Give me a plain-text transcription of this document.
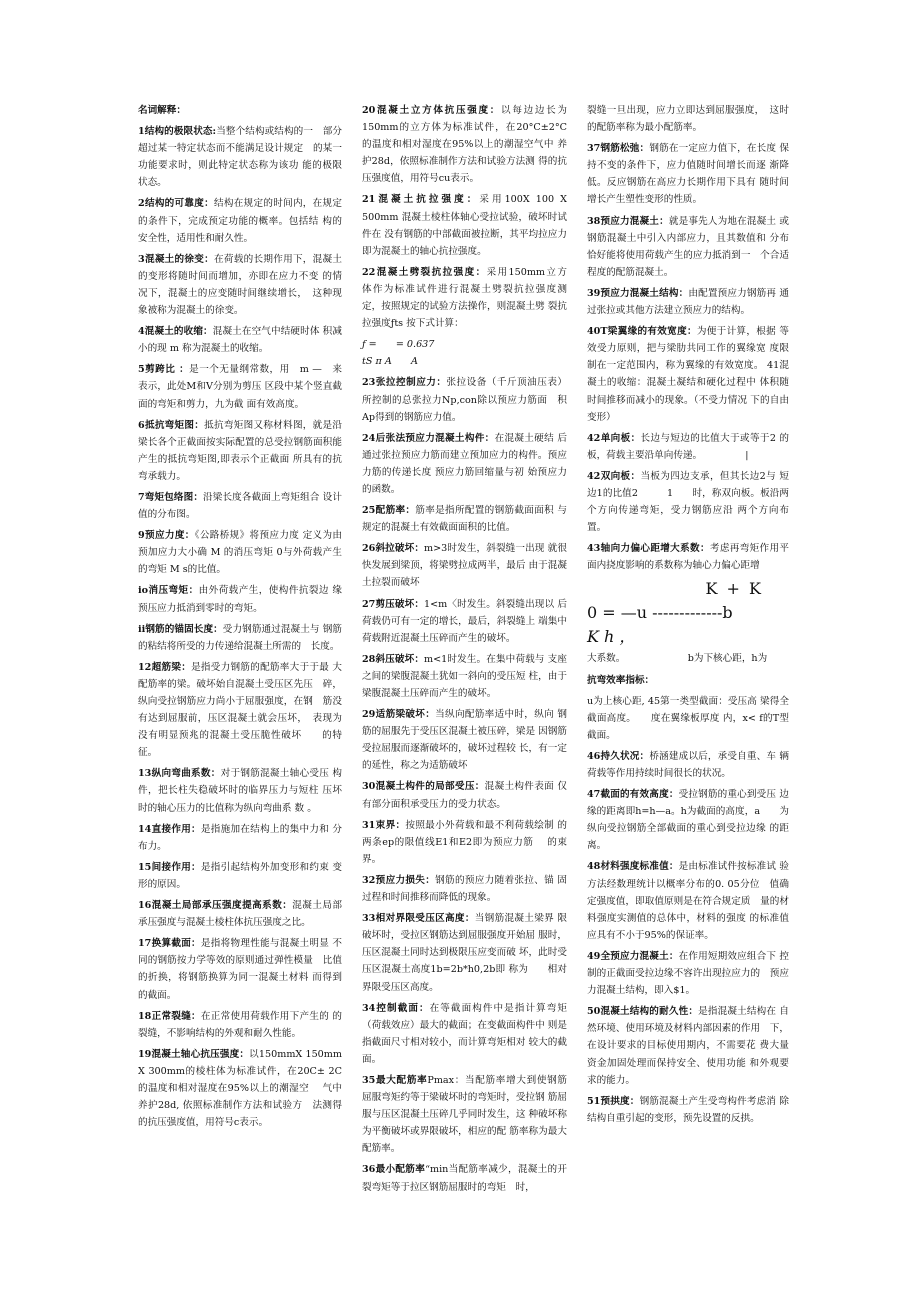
名词解释：
1结构的极限状态:当整个结构或结构的一　部分超过某一特定状态而不能满足设计规定　的某一功能要求时，则此特定状态称为该功 能的极限状态。
2结构的可靠度：结构在规定的时间内，在规定的条件下，完成预定功能的概率。包括结 构的安全性，适用性和耐久性。
3混凝土的徐变：在荷载的长期作用下，混凝土的变形将随时间而增加，亦即在应力不变 的情况下，混凝土的应变随时间继续增长，　这种现象被称为混凝土的徐变。
4混凝土的收缩：混凝土在空气中结硬时体 积减小的现 m 称为混凝土的收缩。
5剪跨比 ：是一个无量纲常数，用　m —　来表示，此处M和V分别为剪压 区段中某个竖直截面的弯矩和剪力，九为截 面有效高度。
6抵抗弯矩图：抵抗弯矩图又称材料图，就是沿梁长各个正截面按实际配置的总受拉钢筋面积能产生的抵抗弯矩图,即表示个正截面 所具有的抗弯承载力。
7弯矩包络图：沿梁长度各截面上弯矩组合 设计值的分布图。
9预应力度：《公路桥规》将预应力度 定义为由预加应力大小确 M 的消压弯矩 0与外荷载产生的弯矩 M s的比值。
io消压弯矩：由外荷载产生，使构件抗裂边 缘预压应力抵消到零时的弯矩。
ii钢筋的锚固长度：受力钢筋通过混凝土与 钢筋的粘结将所受的力传递给混凝土所需的　长度。
12超筋梁：是指受力钢筋的配筋率大于于最 大配筋率的梁。破坏始自混凝土受压区先压　碎，纵向受拉钢筋应力尚小于屈服强度，在钢　筋没有达到屈服前，压区混凝土就会压坏，　表现为没有明显预兆的混凝土受压脆性破坏　　的特征。
13纵向弯曲系数：对于钢筋混凝土轴心受压 构件，把长柱失稳破坏时的临界压力与短柱 压坏时的轴心压力的比值称为纵向弯曲系 数 。
14直接作用：是指施加在结构上的集中力和 分布力。
15间接作用：是指引起结构外加变形和约束 变形的原因。
16混凝土局部承压强度提高系数：混凝土局部承压强度与混凝土棱柱体抗压强度之比。
17换算截面：是指将物理性能与混凝土明显 不同的钢筋按力学等效的原则通过弹性模量　比值的折换，将钢筋换算为同一混凝土材料 而得到的截面。
18正常裂缝：在正常使用荷载作用下产生的 的裂缝，不影响结构的外观和耐久性能。
19混凝土轴心抗压强度：以150mmX 150mm X 300mm的棱柱体为标准试件，在20C± 2C的温度和相对湿度在95%以上的潮湿空　 气中养护28d, 依照标准制作方法和试验方　法测得的抗压强度值，用符号c表示。
20混凝土立方体抗压强度：以每边边长为150mm的立方体为标准试件，在20°C±2°C 的温度和相对湿度在95%以上的潮湿空气中 养护28d，依照标准制作方法和试验方法测 得的抗压强度值，用符号cu表示。
21混凝土抗拉强度：采用100X 100 X 500mm 混凝土棱柱体轴心受拉试验，破坏时试件在 没有钢筋的中部截面被拉断，其平均拉应力 即为混凝土的轴心抗拉强度。
22混凝土劈裂抗拉强度：采用150mm立方　 体作为标准试件进行混凝土劈裂抗拉强度测　定，按照规定的试验方法操作，则混凝土劈 裂抗拉强度ƒts 按下式计算：
ƒ =　　= 0.637
tS π A　　A
23张拉控制应力：张拉设备（千斤顶油压表）所控制的总张拉力Np,con除以预应力筋面　积Ap得到的钢筋应力值。
24后张法预应力混凝土构件：在混凝土硬结 后通过张拉预应力筋而建立预加应力的构件。预应力筋的传递长度 预应力筋回缩量与初 始预应力的函数。
25配筋率：筋率是指所配置的钢筋截面面积 与规定的混凝土有效截面面积的比值。
26斜拉破坏：m>3时发生，斜裂缝一出现 就很快发展到梁顶，将梁劈拉成两半，最后 由于混凝土拉裂而破坏
27剪压破坏：1<m〈时发生。斜裂缝出现以 后荷载仍可有一定的增长，最后，斜裂缝上 端集中荷载附近混凝土压碎而产生的破坏。
28斜压破坏：m<1时发生。在集中荷载与 支座之间的梁腹混凝土犹如一斜向的受压短 柱，由于梁腹混凝土压碎而产生的破坏。
29适筋梁破坏：当纵向配筋率适中时，纵向 钢筋的屈服先于受压区混凝土被压碎，梁是 因钢筋受拉屈服而逐渐破坏的，破坏过程较 长，有一定的延性，称之为适筋破坏
30混凝土构件的局部受压：混凝土构件表面 仅有部分面积承受压力的受力状态。
31束界：按照最小外荷载和最不利荷载绘制 的两条ep的限值线E1和E2即为预应力筋　 的束界。
32预应力损失：钢筋的预应力随着张拉、锚 固过程和时间推移而降低的现象。
33相对界限受压区高度：当钢筋混凝土梁界 限破坏时，受拉区钢筋达到屈服强度开始屈 服时，压区混凝土同时达到极限压应变而破 坏，此时受压区混凝土高度1b=2b*h0,2b即 称为　　相对界限受压区高度。
34控制截面：在等截面构件中是指计算弯矩（荷载效应）最大的截面；在变截面构件中 则是指截面尺寸相对较小，而计算弯矩相对 较大的截面。
35最大配筋率Pmax：当配筋率增大到使钢筋 屈服弯矩约等于梁破坏时的弯矩时，受拉钢 筋屈服与压区混凝土压碎几乎同时发生，这 种破坏称为平衡破坏或界限破坏，相应的配 筋率称为最大配筋率。
36最小配筋率“min当配筋率减少，混凝土的开裂弯矩等于拉区钢筋屈服时的弯矩　时，
裂缝一旦出现，应力立即达到屈服强度，　这时的配筋率称为最小配筋率。
37钢筋松弛：钢筋在一定应力值下，在长度 保持不变的条件下，应力值随时间增长而逐 渐降低。反应钢筋在高应力长期作用下具有 随时间增长产生塑性变形的性质。
38预应力混凝土：就是事先人为地在混凝土 或钢筋混凝土中引入内部应力，且其数值和 分布恰好能将使用荷载产生的应力抵消到一　个合适程度的配筋混凝土。
39预应力混凝土结构：由配置预应力钢筋再 通过张拉或其他方法建立预应力的结构。
40T梁翼缘的有效宽度：为便于计算，根据 等效受力原则，把与梁肋共同工作的翼缘宽 度限制在一定范围内，称为翼缘的有效宽度。 41混凝土的收缩：混凝土凝结和硬化过程中 体积随时间推移而减小的现象。（不受力情况 下的自由变形）
42单向板：长边与短边的比值大于或等于2 的板，荷载主要沿单向传递。　　　　　|
42双向板：当板为四边支承，但其长边2与 短边1的比值2　　　1　　时，称双向板。板沿两个方向传递弯矩，受力钢筋应沿 两个方向布置。
43轴向力偏心距增大系数：考虑再弯矩作用平面内挠度影响的系数称为轴心力偏心距增
K + K
0 = —u -------------b
K h ，
大系数。　　　　　　　b为下核心距，h为
抗弯效率指标：
u为上核心距, 45第一类型截面：受压高 梁得全截面高度。　　度在翼缘板厚度 内，x< f的T型截面。
46持久状况：桥涵建成以后，承受自重、车 辆荷载等作用持续时间很长的状况。
47截面的有效高度：受拉钢筋的重心到受压 边缘的距离即h=h—a。h为截面的高度，a　　为纵向受拉钢筋全部截面的重心到受拉边缘 的距离。
48材料强度标准值：是由标准试件按标准试 验方法经数理统计以概率分布的0. 05分位　值确定强度值，即取值原则是在符合规定质　量的材料强度实测值的总体中，材料的强度 的标准值应具有不小于95%的保证率。
49全预应力混凝土：在作用短期效应组合下 控制的正截面受拉边缘不容许出现拉应力的　预应力混凝土结构，即入$1。
50混凝土结构的耐久性：是指混凝土结构在 自然环境、使用环境及材料内部因素的作用　下，在设计要求的目标使用期内，不需要花 费大量资金加固处理而保持安全、使用功能 和外观要求的能力。
51预拱度：钢筋混凝土产生受弯构件考虑消 除结构自重引起的变形，预先设置的反拱。
